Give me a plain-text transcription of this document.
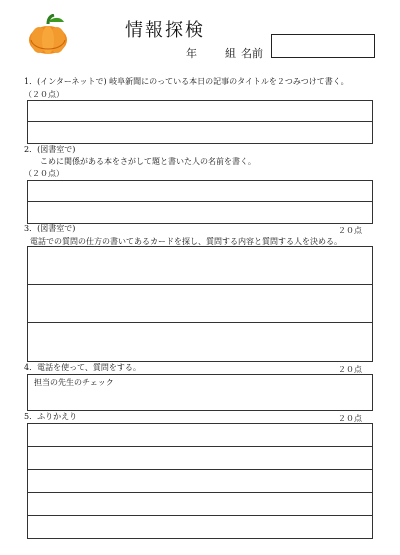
情報探検
年	組 名前
1．(インターネットで) 岐阜新聞にのっている本日の記事のタイトルを２つみつけて書く。
（２０点）
2．(図書室で)
こめに関係がある本をさがして題と書いた人の名前を書く。
（２０点）
3．(図書室で)	２０点
電話での質問の仕方の書いてあるカードを探し、質問する内容と質問する人を決める。
4．電話を使って、質問をする。	２０点
担当の先生のチェック
5．ふりかえり	２０点
